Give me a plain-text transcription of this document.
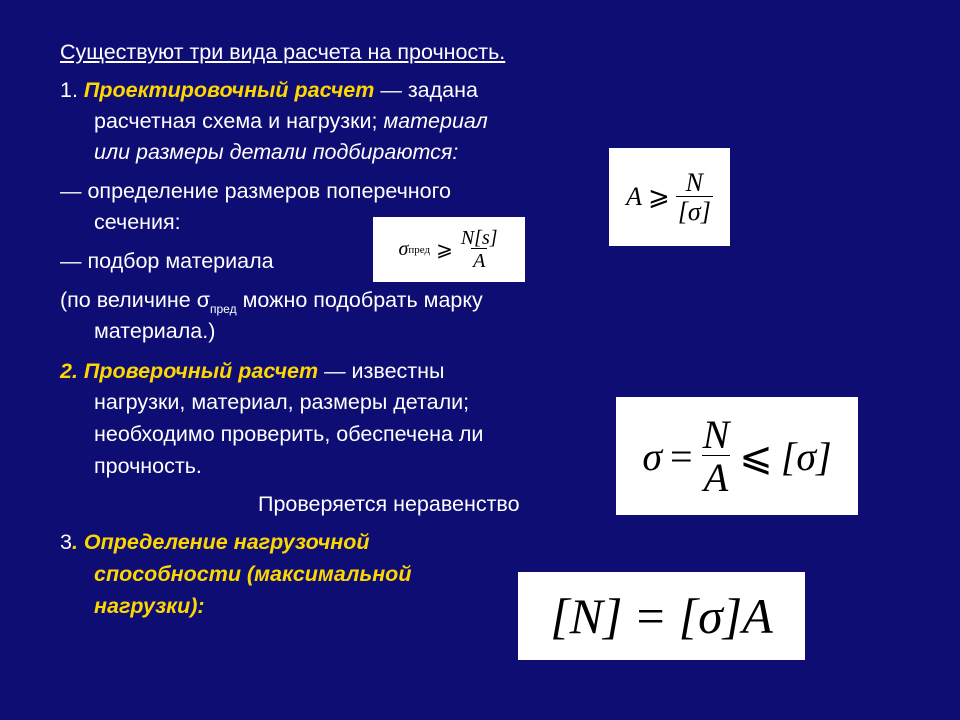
Существуют три вида расчета на прочность.
1. Проектировочный расчет — задана
расчетная схема и нагрузки; материал
или размеры детали подбираются:
— определение размеров поперечного
сечения:
— подбор материала
(по величине $\sigma_{пред}$ можно подобрать марку
материала.)
2. Проверочный расчет — известны
нагрузки, материал, размеры детали;
необходимо проверить, обеспечена ли
прочность.
Проверяется неравенство
3. Определение нагрузочной
способности (максимальной
нагрузки):
A ⩾ $\frac{N}{[\sigma]}$
σ пред ⩾ $\frac{N[s]}{A}$
$\sigma = \frac{N}{A}$ ⩽ [σ]
[N] = [σ]A
